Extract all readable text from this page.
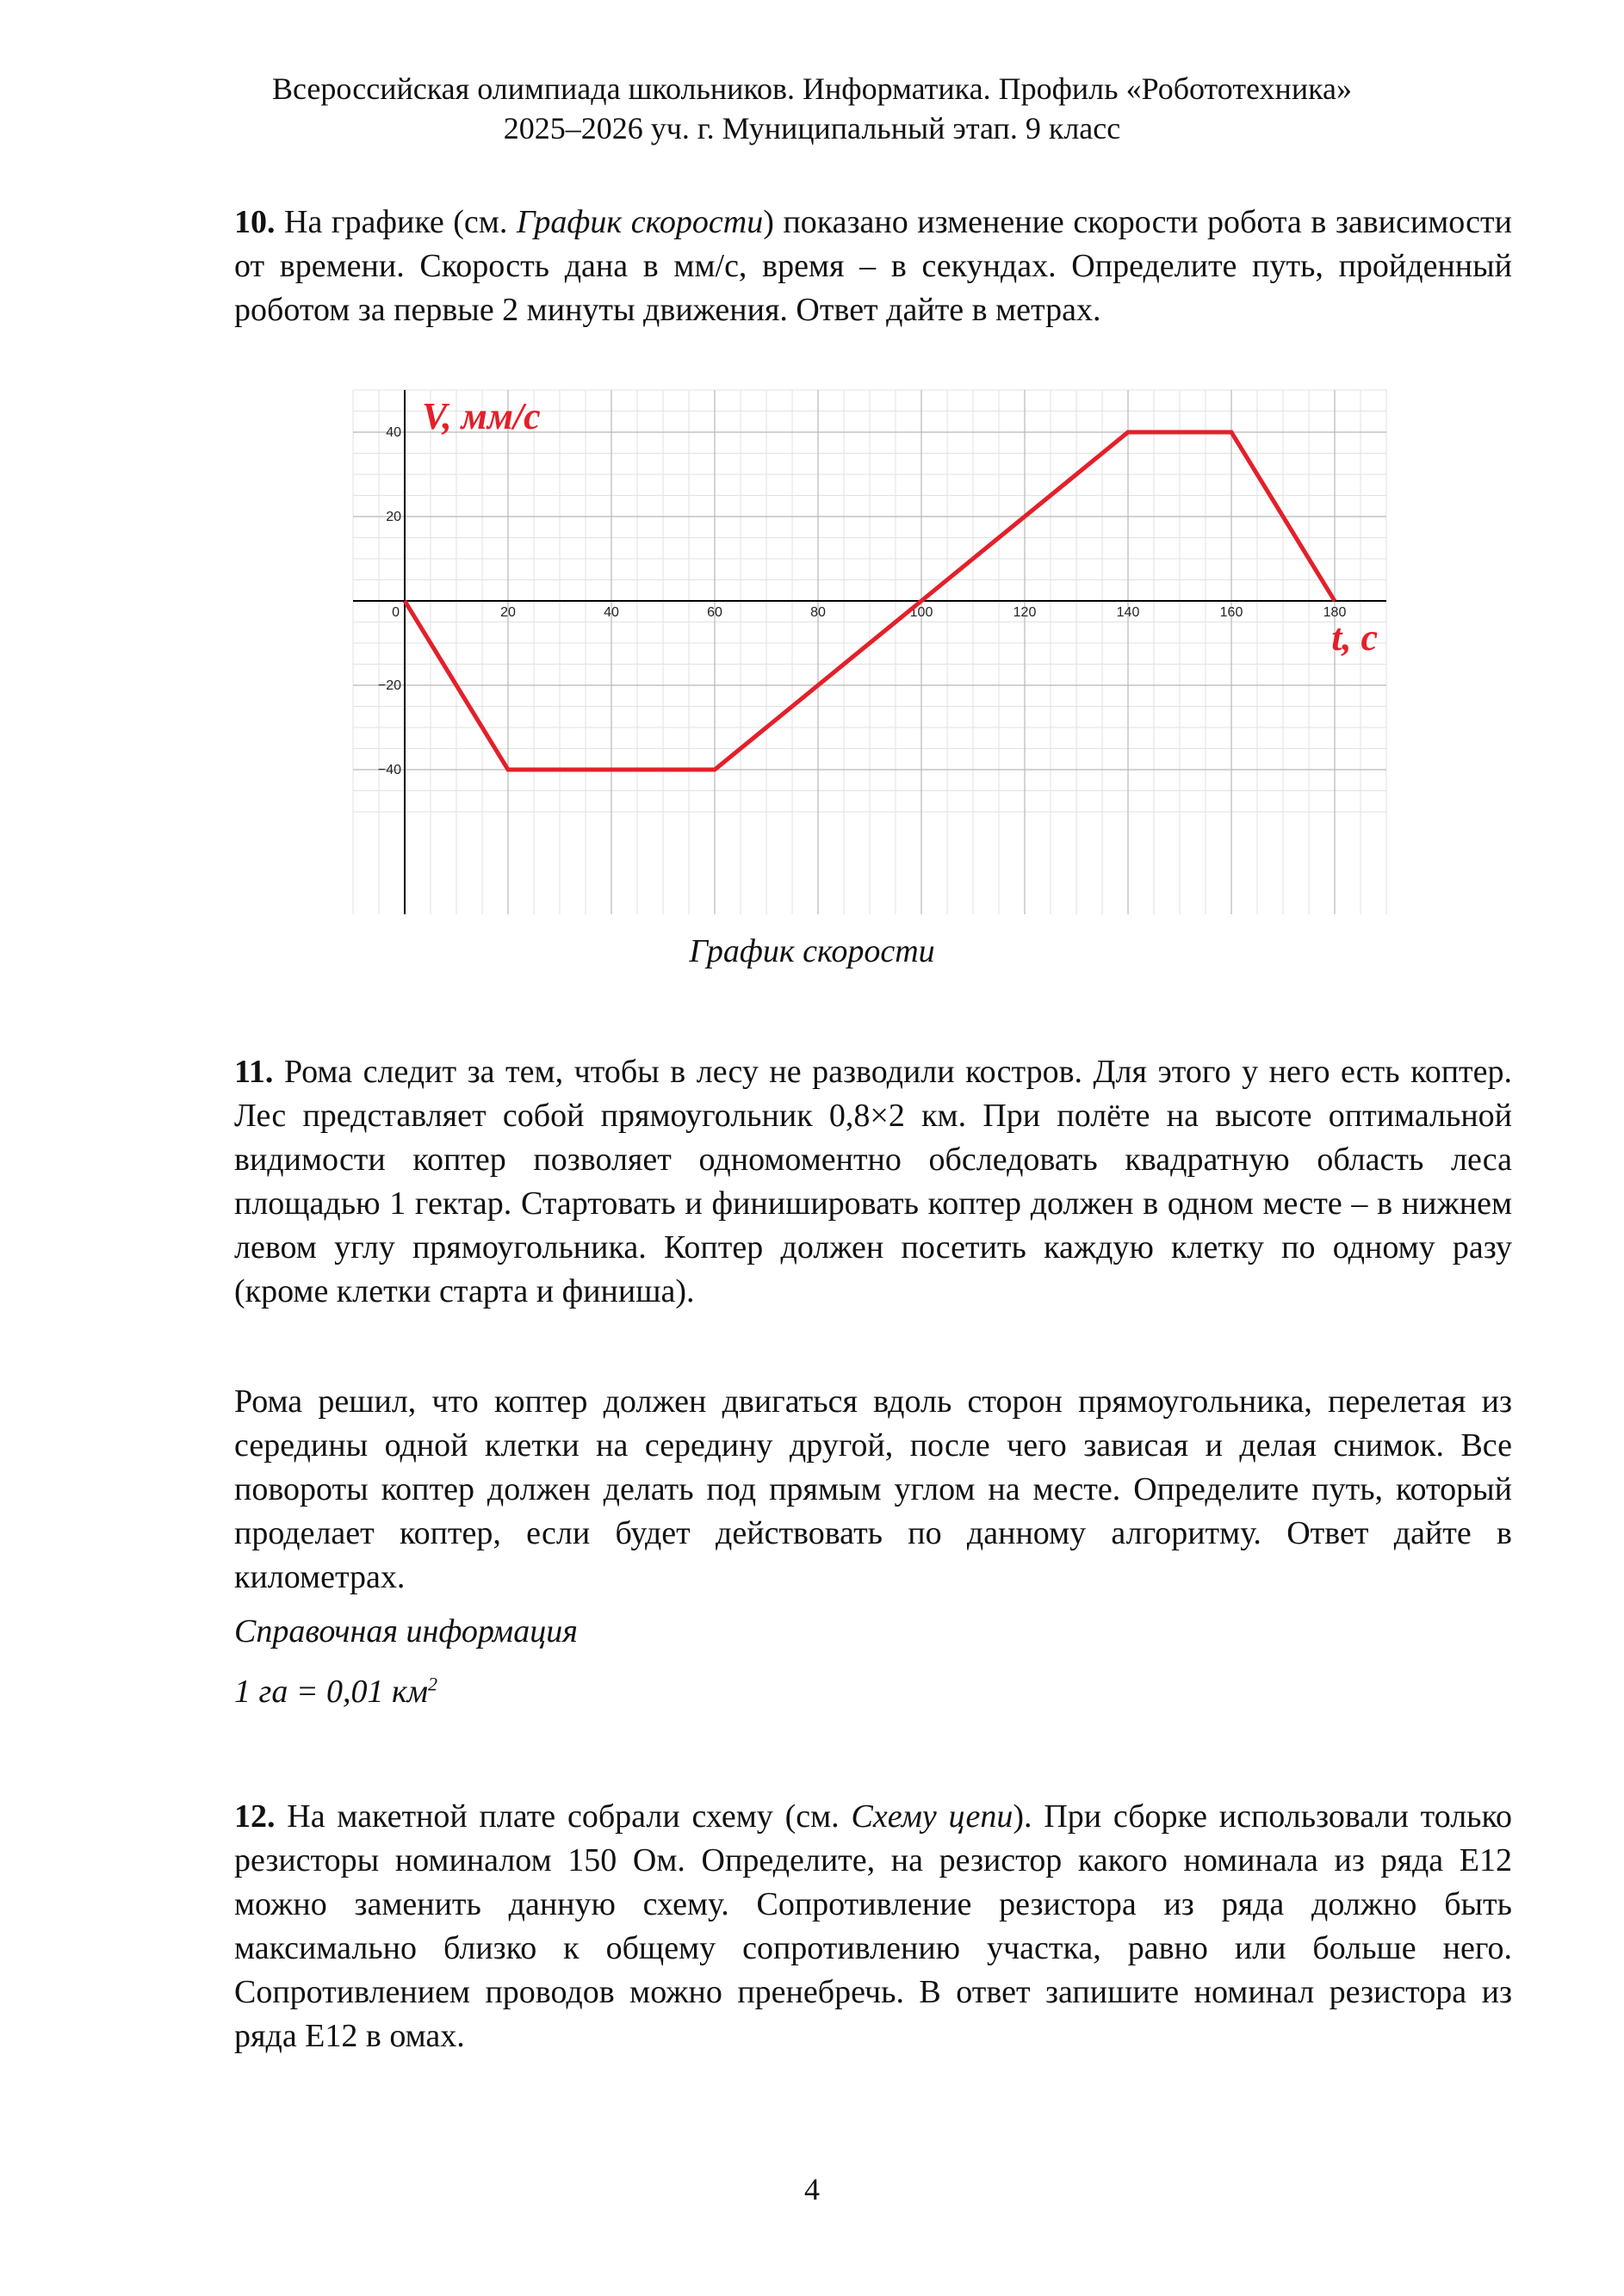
Всероссийская олимпиада школьников. Информатика. Профиль «Робототехника»
2025–2026 уч. г. Муниципальный этап. 9 класс
10. На графике (см. График скорости) показано изменение скорости робота в зависимости от времени. Скорость дана в мм/с, время – в секундах. Определите путь, пройденный роботом за первые 2 минуты движения. Ответ дайте в метрах.
0	20	40	60	80	100	120	140	160	180
−40
−20
20
40 V, мм/с
t, с
График скорости
11. Рома следит за тем, чтобы в лесу не разводили костров. Для этого у него есть коптер. Лес представляет собой прямоугольник 0,8×2 км. При полёте на высоте оптимальной видимости коптер позволяет одномоментно обследовать квадратную область леса площадью 1 гектар. Стартовать и финишировать коптер должен в одном месте – в нижнем левом углу прямоугольника. Коптер должен посетить каждую клетку по одному разу (кроме клетки старта и финиша).
Рома решил, что коптер должен двигаться вдоль сторон прямоугольника, перелетая из середины одной клетки на середину другой, после чего зависая и делая снимок. Все повороты коптер должен делать под прямым углом на месте. Определите путь, который проделает коптер, если будет действовать по данному алгоритму. Ответ дайте в километрах.
Справочная информация
1 га = 0,01 $км^2$
12. На макетной плате собрали схему (см. Схему цепи). При сборке использовали только резисторы номиналом 150 Ом. Определите, на резистор какого номинала из ряда Е12 можно заменить данную схему. Сопротивление резистора из ряда должно быть максимально близко к общему сопротивлению участка, равно или больше него. Сопротивлением проводов можно пренебречь. В ответ запишите номинал резистора из ряда Е12 в омах.
4
